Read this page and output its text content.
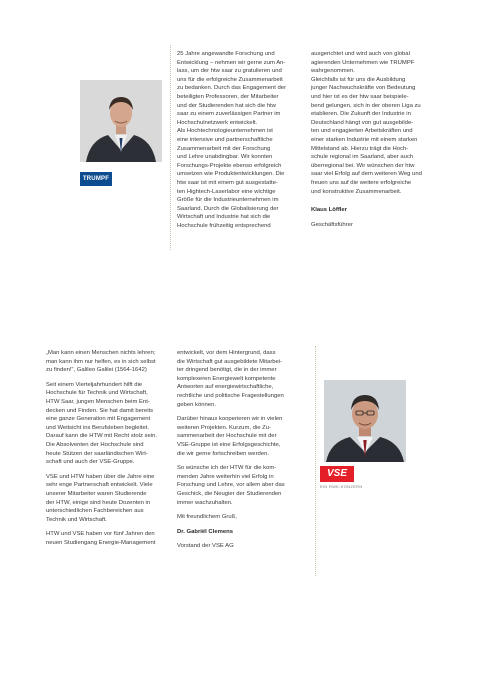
TRUMPF

25 Jahre angewandte Forschung und

Entwicklung – nehmen wir gerne zum An-

lass, um der htw saar zu gratulieren und

uns für die erfolgreiche Zusammenarbeit

zu bedanken. Durch das Engagement der

beteiligten Professoren, der Mitarbeiter

und der Studierenden hat sich die htw

saar zu einem zuverlässigen Partner im

Hochschulnetzwerk entwickelt.

Als Hochtechnologieunternehmen ist

eine intensive und partnerschaftliche

Zusammenarbeit mit der Forschung

und Lehre unabdingbar. Wir konnten

Forschungs-Projekte ebenso erfolgreich

umsetzen wie Produktentwicklungen. Die

htw saar ist mit einem gut ausgestatte-

ten Hightech-Laserlabor eine wichtige

Größe für die Industrieunternehmen im

Saarland. Durch die Globalisierung der

Wirtschaft und Industrie hat sich die

Hochschule frühzeitig entsprechend

ausgerichtet und wird auch von global

agierenden Unternehmen wie TRUMPF

wahrgenommen.

Gleichfalls ist für uns die Ausbildung

junger Nachwuchskräfte von Bedeutung

und hier ist es der htw saar beispiele-

bend gelungen, sich in der oberen Liga zu

etablieren. Die Zukunft der Industrie in

Deutschland hängt von gut ausgebilde-

ten und engagierten Arbeitskräften und

einer starken Industrie mit einem starken

Mittelstand ab. Hierzu trägt die Hoch-

schule regional im Saarland, aber auch

überregional bei. Wir wünschen der htw

saar viel Erfolg auf dem weiteren Weg und

freuen uns auf die weitere erfolgreiche

und konstruktive Zusammenarbeit.

Klaus Löffler

Geschäftsführer

„Man kann einen Menschen nichts lehren;
man kann ihm nur helfen, es in sich selbst
zu finden!“, Galileo Galilei (1564-1642)

Seit einem Vierteljahrhundert hilft die
Hochschule für Technik und Wirtschaft,
HTW Saar, jungen Menschen beim Ent-
decken und Finden. Sie hat damit bereits
eine ganze Generation mit Engagement
und Weitsicht ins Berufsleben begleitet.
Darauf kann die HTW mit Recht stolz sein.
Die Absolventen der Hochschule sind
heute Stützen der saarländischen Wirt-
schaft und auch der VSE-Gruppe.

VSE und HTW haben über die Jahre eine
sehr enge Partnerschaft entwickelt. Viele
unserer Mitarbeiter waren Studierende
der HTW, einige sind heute Dozenten in
unterschiedlichen Fachbereichen aus
Technik und Wirtschaft.

HTW und VSE haben vor fünf Jahren den
neuen Studiengang Energie-Management

entwickelt, vor dem Hintergrund, dass
die Wirtschaft gut ausgebildete Mitarbei-
ter dringend benötigt, die in der immer
komplexeren Energiewelt kompetente
Antworten auf energiewirtschaftliche,
rechtliche und politische Fragestellungen
geben können.

Darüber hinaus kooperieren wir in vielen
weiteren Projekten. Kurzum, die Zu-
sammenarbeit der Hochschule mit der
VSE-Gruppe ist eine Erfolgsgeschichte,
die wir gerne fortschreiben werden.

So wünsche ich der HTW für die kom-
menden Jahre weiterhin viel Erfolg in
Forschung und Lehre, vor allem aber das
Geschick, die Neugier der Studierenden
immer wachzuhalten.

Mit freundlichem Gruß,

Dr. Gabriël Clemens

Vorstand der VSE AG

VSE
EIN RWE-KONZERN
